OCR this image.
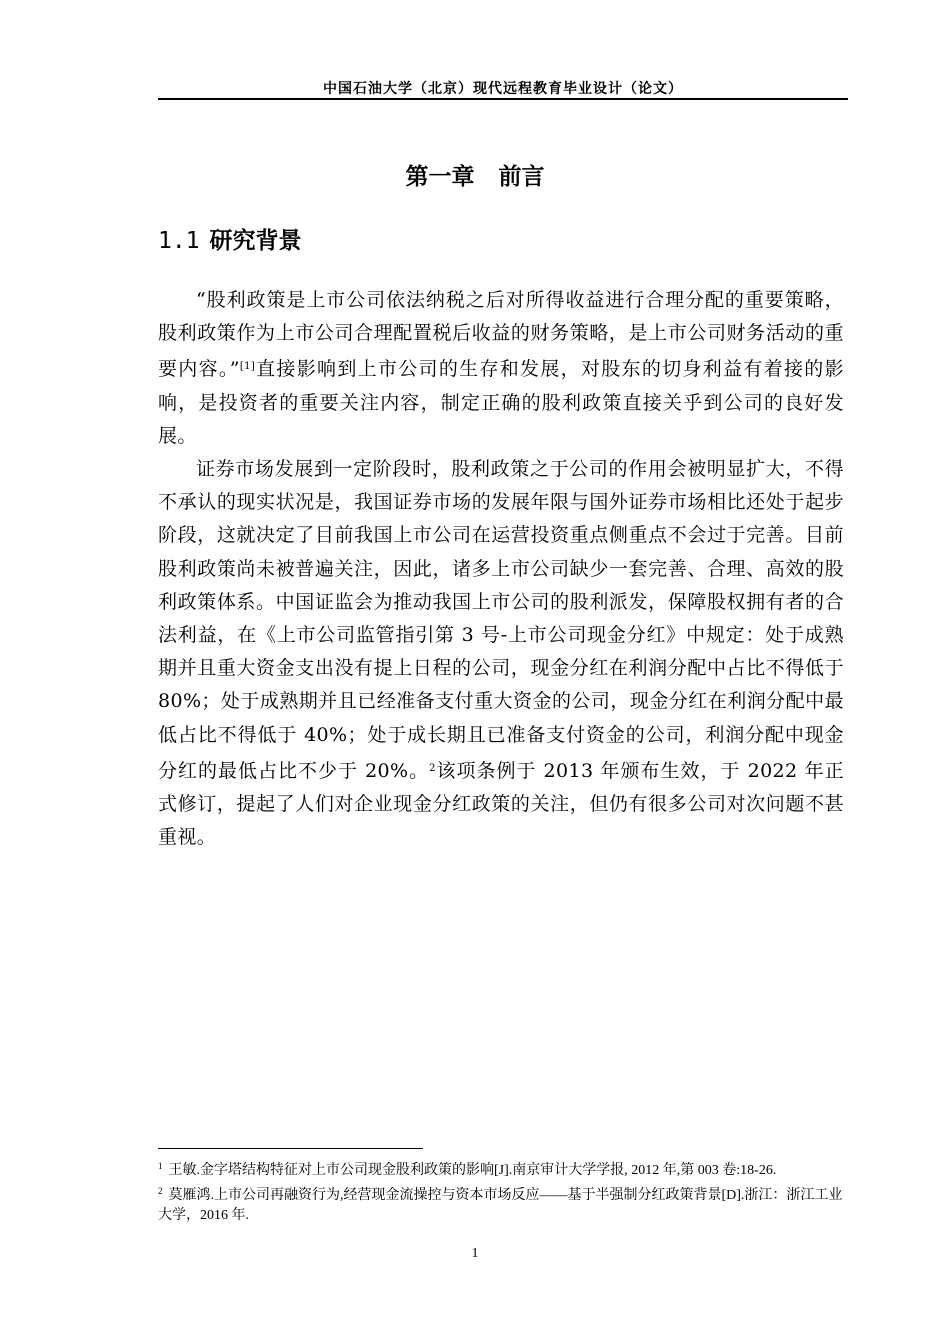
中国石油大学（北京）现代远程教育毕业设计（论文）
第一章 前言
1.1 研究背景

“股利政策是上市公司依法纳税之后对所得收益进行合理分配的重要策略，股利政策作为上市公司合理配置税后收益的财务策略，是上市公司财务活动的重要内容。”[1]直接影响到上市公司的生存和发展，对股东的切身利益有着接的影响，是投资者的重要关注内容，制定正确的股利政策直接关乎到公司的良好发展。

证券市场发展到一定阶段时，股利政策之于公司的作用会被明显扩大，不得不承认的现实状况是，我国证券市场的发展年限与国外证券市场相比还处于起步阶段，这就决定了目前我国上市公司在运营投资重点侧重点不会过于完善。目前股利政策尚未被普遍关注，因此，诸多上市公司缺少一套完善、合理、高效的股利政策体系。中国证监会为推动我国上市公司的股利派发，保障股权拥有者的合法利益，在《上市公司监管指引第 3 号-上市公司现金分红》中规定：处于成熟期并且重大资金支出没有提上日程的公司，现金分红在利润分配中占比不得低于 80%；处于成熟期并且已经准备支付重大资金的公司，现金分红在利润分配中最低占比不得低于 40%；处于成长期且已准备支付资金的公司，利润分配中现金分红的最低占比不少于 20%。$^2$该项条例于 2013 年颁布生效，于 2022 年正式修订，提起了人们对企业现金分红政策的关注，但仍有很多公司对次问题不甚重视。

$^1$ 王敏.金字塔结构特征对上市公司现金股利政策的影响[J].南京审计大学学报, 2012 年,第 003 卷:18-26.

$^2$ 莫雁鸿.上市公司再融资行为,经营现金流操控与资本市场反应——基于半强制分红政策背景[D].浙江：浙江工业大学，2016 年.

1
